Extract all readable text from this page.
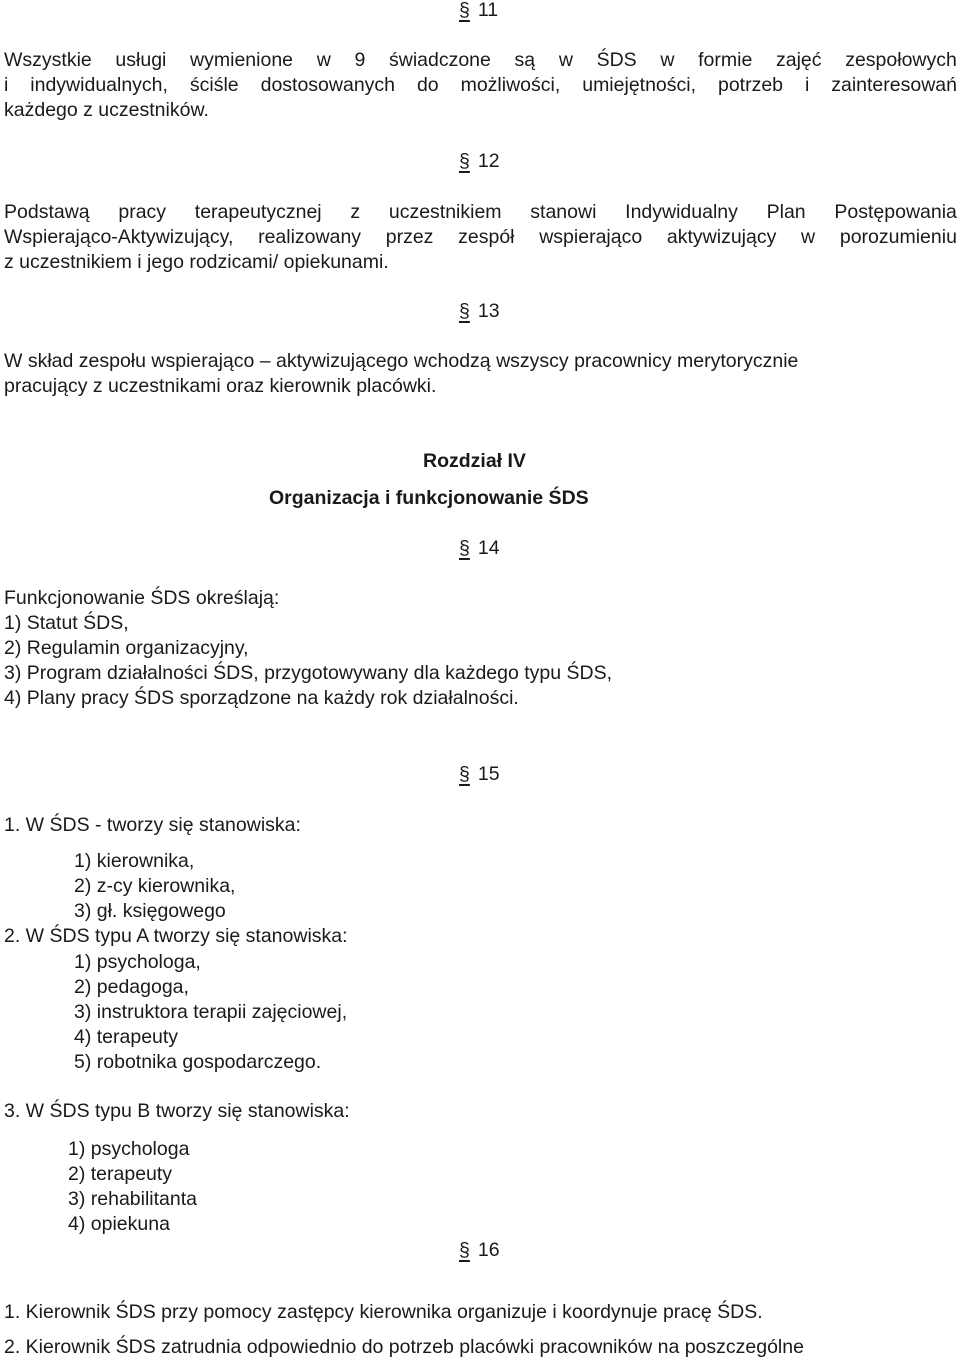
§ 11
Wszystkie usługi wymienione w 9 świadczone są w ŚDS w formie zajęć zespołowych
i indywidualnych, ściśle dostosowanych do możliwości, umiejętności, potrzeb i zainteresowań
każdego z uczestników.
§ 12
Podstawą pracy terapeutycznej z uczestnikiem stanowi Indywidualny Plan Postępowania
Wspierająco-Aktywizujący, realizowany przez zespół wspierająco aktywizujący w porozumieniu
z uczestnikiem i jego rodzicami/ opiekunami.
§ 13
W skład zespołu wspierająco – aktywizującego wchodzą wszyscy pracownicy merytorycznie
pracujący z uczestnikami oraz kierownik placówki.
Rozdział IV
Organizacja i funkcjonowanie ŚDS
§ 14
Funkcjonowanie ŚDS określają:
1) Statut ŚDS,
2) Regulamin organizacyjny,
3) Program działalności ŚDS, przygotowywany dla każdego typu ŚDS,
4) Plany pracy ŚDS sporządzone na każdy rok działalności.
§ 15
1. W ŚDS - tworzy się stanowiska:
1) kierownika,
2) z-cy kierownika,
3) gł. księgowego
2. W ŚDS typu A tworzy się stanowiska:
1) psychologa,
2) pedagoga,
3) instruktora terapii zajęciowej,
4) terapeuty
5) robotnika gospodarczego.
3. W ŚDS typu B tworzy się stanowiska:
1) psychologa
2) terapeuty
3) rehabilitanta
4) opiekuna
§ 16
1. Kierownik ŚDS przy pomocy zastępcy kierownika organizuje i koordynuje pracę ŚDS.
2. Kierownik ŚDS zatrudnia odpowiednio do potrzeb placówki pracowników na poszczególne
